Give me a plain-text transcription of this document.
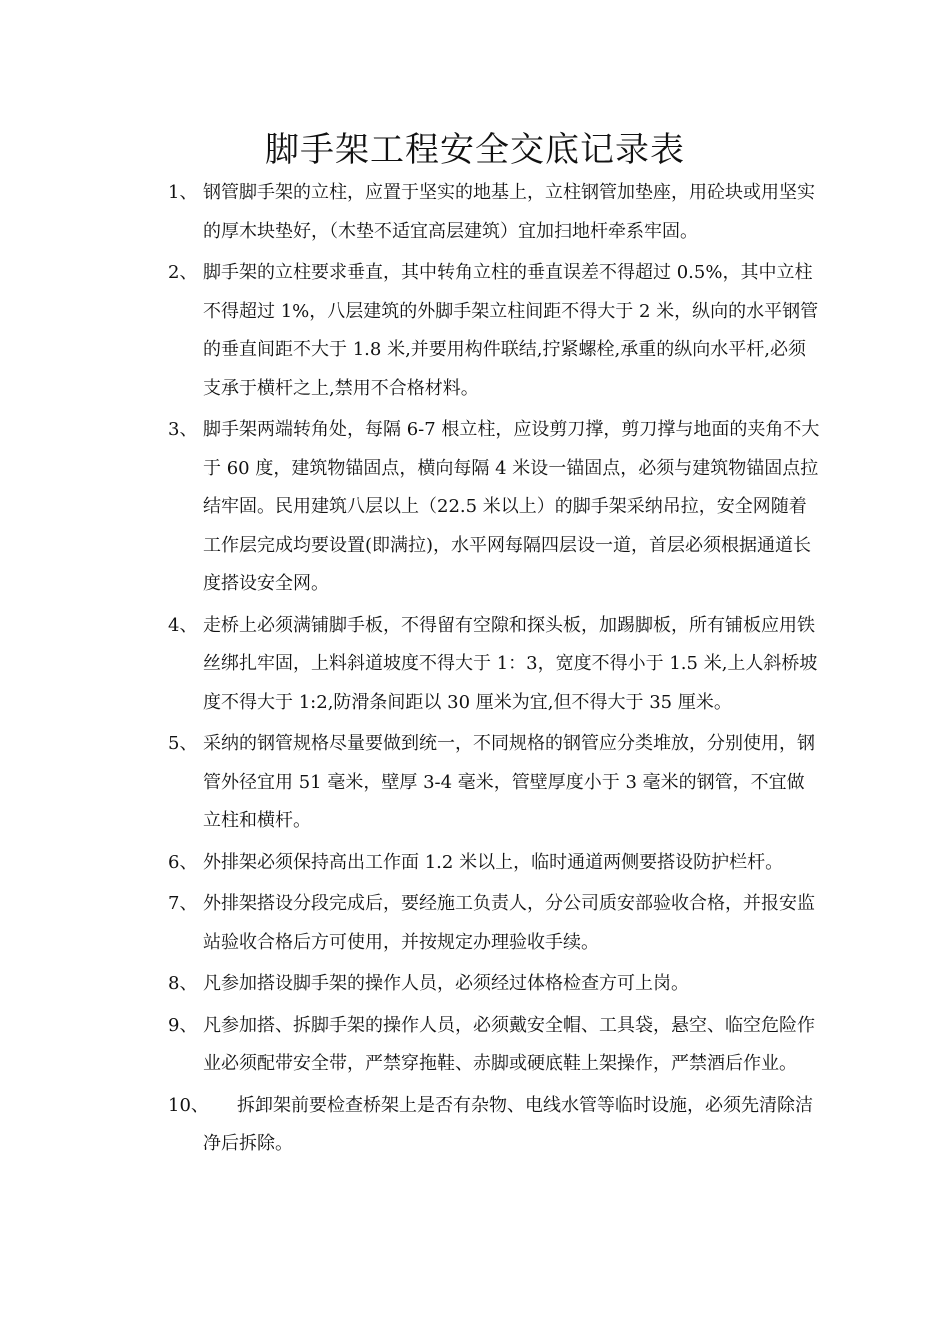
脚手架工程安全交底记录表
1、 钢管脚手架的立柱，应置于坚实的地基上，立柱钢管加垫座，用砼块或用坚实的厚木块垫好，（木垫不适宜高层建筑）宜加扫地杆牵系牢固。
2、 脚手架的立柱要求垂直，其中转角立柱的垂直误差不得超过 0.5%，其中立柱不得超过 1%，八层建筑的外脚手架立柱间距不得大于 2 米，纵向的水平钢管的垂直间距不大于 1.8 米,并要用构件联结,拧紧螺栓,承重的纵向水平杆,必须支承于横杆之上,禁用不合格材料。
3、 脚手架两端转角处，每隔 6-7 根立柱，应设剪刀撑，剪刀撑与地面的夹角不大于 60 度，建筑物锚固点，横向每隔 4 米设一锚固点，必须与建筑物锚固点拉结牢固。民用建筑八层以上（22.5 米以上）的脚手架采纳吊拉，安全网随着工作层完成均要设置(即满拉)，水平网每隔四层设一道，首层必须根据通道长度搭设安全网。
4、 走桥上必须满铺脚手板，不得留有空隙和探头板，加踢脚板，所有铺板应用铁丝绑扎牢固，上料斜道坡度不得大于 1：3，宽度不得小于 1.5 米,上人斜桥坡度不得大于 1:2,防滑条间距以 30 厘米为宜,但不得大于 35 厘米。
5、 采纳的钢管规格尽量要做到统一，不同规格的钢管应分类堆放，分别使用，钢管外径宜用 51 毫米，壁厚 3-4 毫米，管壁厚度小于 3 毫米的钢管，不宜做立柱和横杆。
6、 外排架必须保持高出工作面 1.2 米以上，临时通道两侧要搭设防护栏杆。
7、 外排架搭设分段完成后，要经施工负责人，分公司质安部验收合格，并报安监站验收合格后方可使用，并按规定办理验收手续。
8、 凡参加搭设脚手架的操作人员，必须经过体格检查方可上岗。
9、 凡参加搭、拆脚手架的操作人员，必须戴安全帽、工具袋，悬空、临空危险作业必须配带安全带，严禁穿拖鞋、赤脚或硬底鞋上架操作，严禁酒后作业。
10、 拆卸架前要检查桥架上是否有杂物、电线水管等临时设施，必须先清除洁净后拆除。
